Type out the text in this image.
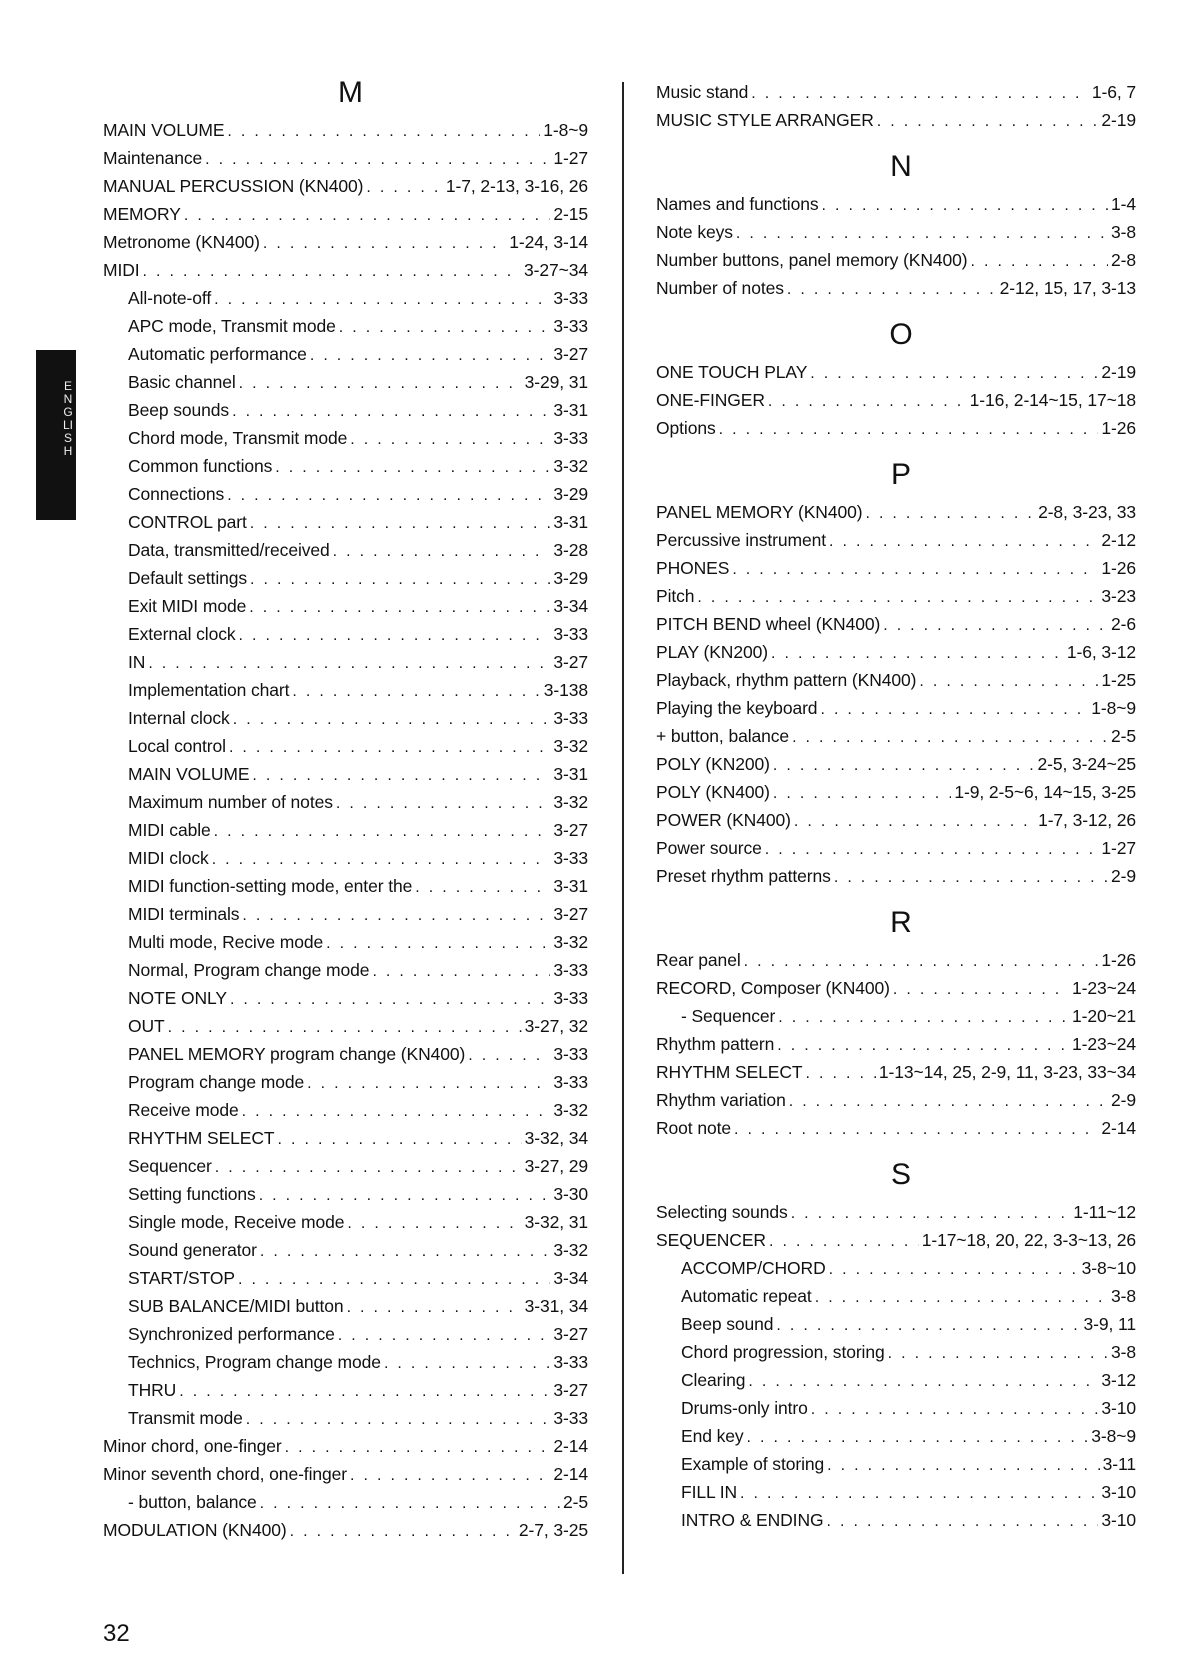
ENGLISH
M
MAIN VOLUME . . .	1-8~9
Maintenance . . .	1-27
MANUAL PERCUSSION (KN400) . . .	1-7, 2-13, 3-16, 26
MEMORY . . .	2-15
Metronome (KN400) . . .	1-24, 3-14
MIDI . . .	3-27~34
All-note-off . . .	3-33
APC mode, Transmit mode . . .	3-33
Automatic performance . . .	3-27
Basic channel . . .	3-29, 31
Beep sounds . . .	3-31
Chord mode, Transmit mode . . .	3-33
Common functions . . .	3-32
Connections . . .	3-29
CONTROL part . . .	3-31
Data, transmitted/received . . .	3-28
Default settings . . .	3-29
Exit MIDI mode . . .	3-34
External clock . . .	3-33
IN . . .	3-27
Implementation chart . . .	3-138
Internal clock . . .	3-33
Local control . . .	3-32
MAIN VOLUME . . .	3-31
Maximum number of notes . . .	3-32
MIDI cable . . .	3-27
MIDI clock . . .	3-33
MIDI function-setting mode, enter the . . .	3-31
MIDI terminals . . .	3-27
Multi mode, Recive mode . . .	3-32
Normal, Program change mode . . .	3-33
NOTE ONLY . . .	3-33
OUT . . .	3-27, 32
PANEL MEMORY program change (KN400) . . .	3-33
Program change mode . . .	3-33
Receive mode . . .	3-32
RHYTHM SELECT . . .	3-32, 34
Sequencer . . .	3-27, 29
Setting functions . . .	3-30
Single mode, Receive mode . . .	3-32, 31
Sound generator . . .	3-32
START/STOP . . .	3-34
SUB BALANCE/MIDI button . . .	3-31, 34
Synchronized performance . . .	3-27
Technics, Program change mode . . .	3-33
THRU . . .	3-27
Transmit mode . . .	3-33
Minor chord, one-finger . . .	2-14
Minor seventh chord, one-finger . . .	2-14
- button, balance . . .	2-5
MODULATION (KN400) . . .	2-7, 3-25
Music stand . . .	1-6, 7
MUSIC STYLE ARRANGER . . .	2-19
N
Names and functions . . .	1-4
Note keys . . .	3-8
Number buttons, panel memory (KN400) . . .	2-8
Number of notes . . .	2-12, 15, 17, 3-13
O
ONE TOUCH PLAY . . .	2-19
ONE-FINGER . . .	1-16, 2-14~15, 17~18
Options . . .	1-26
P
PANEL MEMORY (KN400) . . .	2-8, 3-23, 33
Percussive instrument . . .	2-12
PHONES . . .	1-26
Pitch . . .	3-23
PITCH BEND wheel (KN400) . . .	2-6
PLAY (KN200) . . .	1-6, 3-12
Playback, rhythm pattern (KN400) . . .	1-25
Playing the keyboard . . .	1-8~9
+ button, balance . . .	2-5
POLY (KN200) . . .	2-5, 3-24~25
POLY (KN400) . . .	1-9, 2-5~6, 14~15, 3-25
POWER (KN400) . . .	1-7, 3-12, 26
Power source . . .	1-27
Preset rhythm patterns . . .	2-9
R
Rear panel . . .	1-26
RECORD, Composer (KN400) . . .	1-23~24
- Sequencer . . .	1-20~21
Rhythm pattern . . .	1-23~24
RHYTHM SELECT . . .	1-13~14, 25, 2-9, 11, 3-23, 33~34
Rhythm variation . . .	2-9
Root note . . .	2-14
S
Selecting sounds . . .	1-11~12
SEQUENCER . . .	1-17~18, 20, 22, 3-3~13, 26
ACCOMP/CHORD . . .	3-8~10
Automatic repeat . . .	3-8
Beep sound . . .	3-9, 11
Chord progression, storing . . .	3-8
Clearing . . .	3-12
Drums-only intro . . .	3-10
End key . . .	3-8~9
Example of storing . . .	3-11
FILL IN . . .	3-10
INTRO & ENDING . . .	3-10
32
